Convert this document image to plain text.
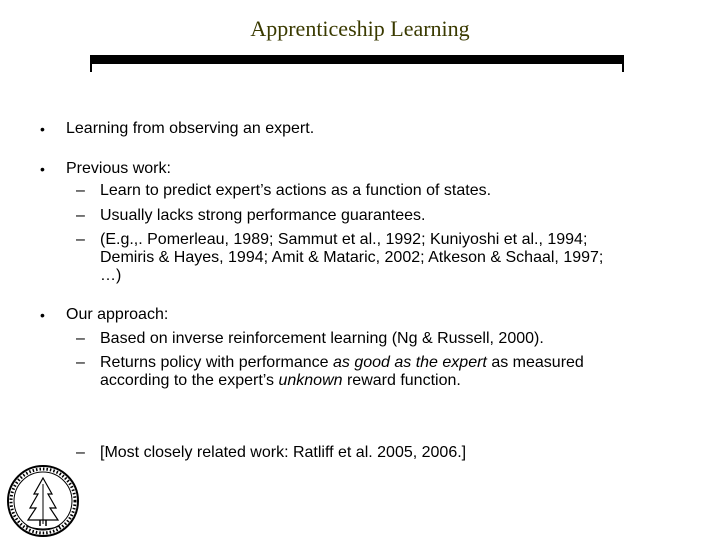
Apprenticeship Learning
• Learning from observing an expert.
• Previous work:
– Learn to predict expert’s actions as a function of states.
– Usually lacks strong performance guarantees.
– (E.g.,. Pomerleau, 1989; Sammut et al., 1992; Kuniyoshi et al., 1994;
Demiris & Hayes, 1994; Amit & Mataric, 2002; Atkeson & Schaal, 1997;
…)
• Our approach:
– Based on inverse reinforcement learning (Ng & Russell, 2000).
– Returns policy with performance as good as the expert as measured
according to the expert’s unknown reward function.
– [Most closely related work: Ratliff et al. 2005, 2006.]
